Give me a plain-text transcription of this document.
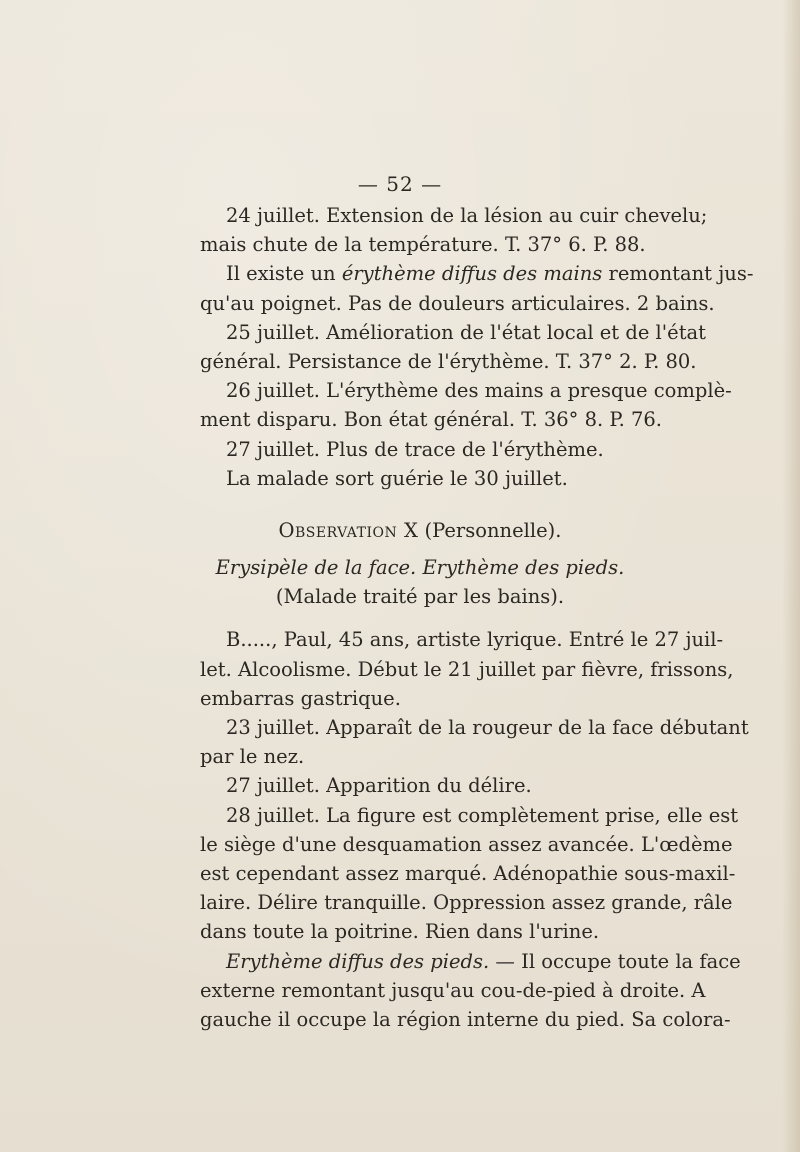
— 52 —
24 juillet. Extension de la lésion au cuir chevelu;
mais chute de la température. T. 37° 6. P. 88.
Il existe un érythème diffus des mains remontant jus-
qu'au poignet. Pas de douleurs articulaires. 2 bains.
25 juillet. Amélioration de l'état local et de l'état
général. Persistance de l'érythème. T. 37° 2. P. 80.
26 juillet. L'érythème des mains a presque complè-
ment disparu. Bon état général. T. 36° 8. P. 76.
27 juillet. Plus de trace de l'érythème.
La malade sort guérie le 30 juillet.
Observation X (Personnelle).
Erysipèle de la face. Erythème des pieds.
(Malade traité par les bains).
B....., Paul, 45 ans, artiste lyrique. Entré le 27 juil-
let. Alcoolisme. Début le 21 juillet par fièvre, frissons,
embarras gastrique.
23 juillet. Apparaît de la rougeur de la face débutant
par le nez.
27 juillet. Apparition du délire.
28 juillet. La figure est complètement prise, elle est
le siège d'une desquamation assez avancée. L'œdème
est cependant assez marqué. Adénopathie sous-maxil-
laire. Délire tranquille. Oppression assez grande, râle
dans toute la poitrine. Rien dans l'urine.
Erythème diffus des pieds. — Il occupe toute la face
externe remontant jusqu'au cou-de-pied à droite. A
gauche il occupe la région interne du pied. Sa colora-
